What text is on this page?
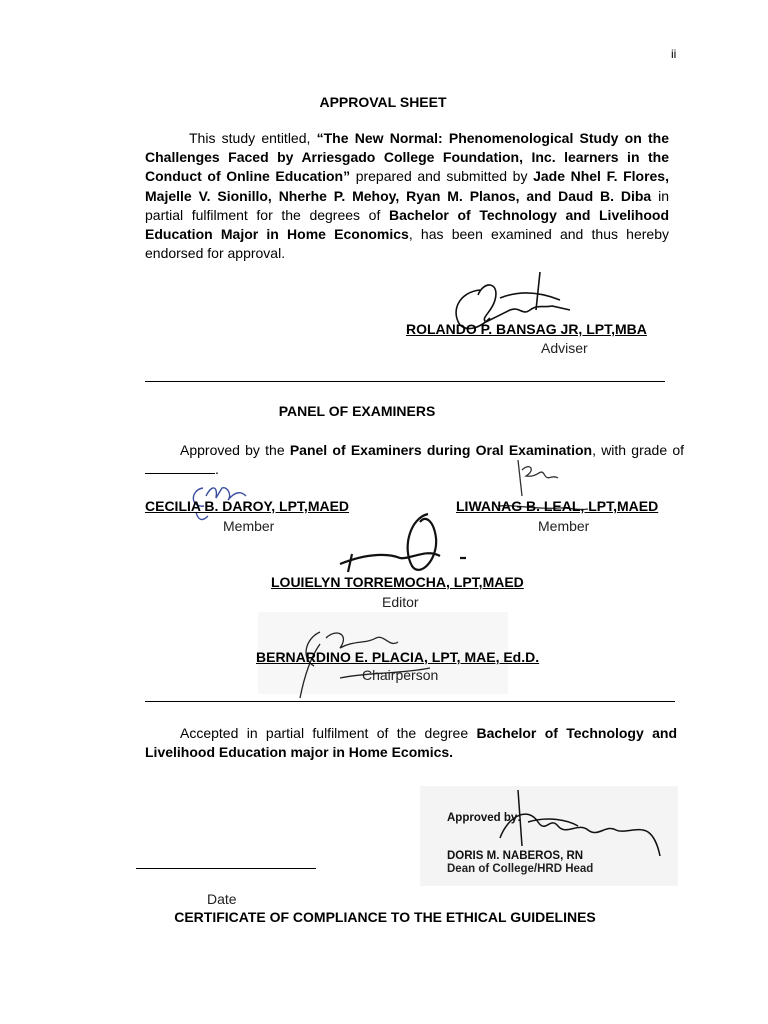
ii
APPROVAL SHEET
This study entitled, “The New Normal: Phenomenological Study on the Challenges Faced by Arriesgado College Foundation, Inc. learners in the Conduct of Online Education” prepared and submitted by Jade Nhel F. Flores, Majelle V. Sionillo, Nherhe P. Mehoy, Ryan M. Planos, and Daud B. Diba in partial fulfilment for the degrees of Bachelor of Technology and Livelihood Education Major in Home Economics, has been examined and thus hereby endorsed for approval.
ROLANDO P. BANSAG JR, LPT,MBA
Adviser
PANEL OF EXAMINERS
Approved by the Panel of Examiners during Oral Examination, with grade of.
CECILIA B. DAROY, LPT,MAED
Member
LIWANAG B. LEAL, LPT,MAED
Member
LOUIELYN TORREMOCHA, LPT,MAED
Editor
BERNARDINO E. PLACIA, LPT, MAE, Ed.D.
Chairperson
Accepted in partial fulfilment of the degree Bachelor of Technology and Livelihood Education major in Home Ecomics.
Approved by:
DORIS M. NABEROS, RN
Dean of College/HRD Head
Date
CERTIFICATE OF COMPLIANCE TO THE ETHICAL GUIDELINES
